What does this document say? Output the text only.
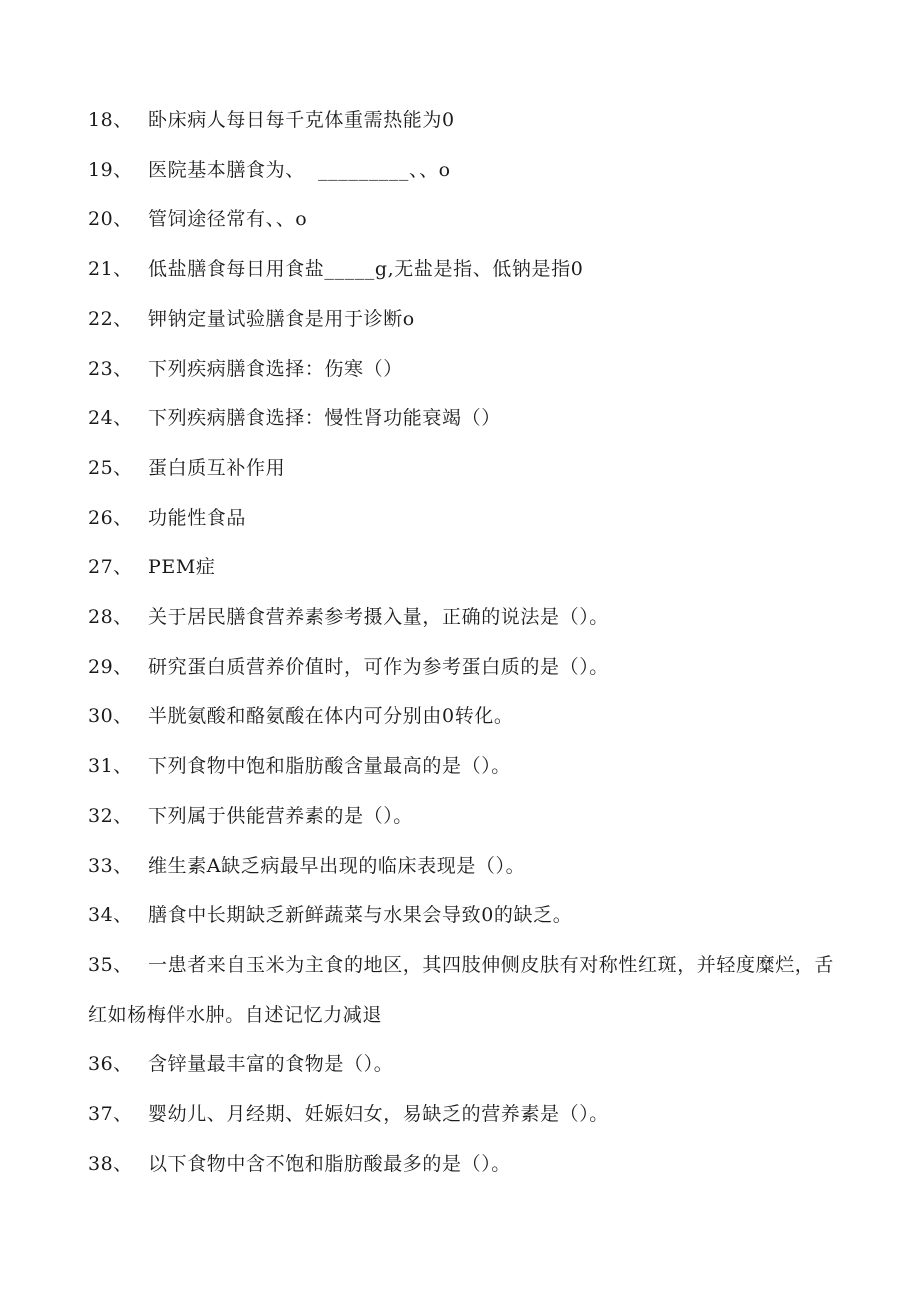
18、 卧床病人每日每千克体重需热能为0
19、 医院基本膳食为、  _________、、o
20、 管饲途径常有、、o
21、 低盐膳食每日用食盐_____g,无盐是指、低钠是指0
22、 钾钠定量试验膳食是用于诊断o
23、 下列疾病膳食选择：伤寒（）
24、 下列疾病膳食选择：慢性肾功能衰竭（）
25、 蛋白质互补作用
26、 功能性食品
27、 PEM症
28、 关于居民膳食营养素参考摄入量，正确的说法是（）。
29、 研究蛋白质营养价值时，可作为参考蛋白质的是（）。
30、 半胱氨酸和酪氨酸在体内可分别由0转化。
31、 下列食物中饱和脂肪酸含量最高的是（）。
32、 下列属于供能营养素的是（）。
33、 维生素A缺乏病最早出现的临床表现是（）。
34、 膳食中长期缺乏新鲜蔬菜与水果会导致0的缺乏。
35、 一患者来自玉米为主食的地区，其四肢伸侧皮肤有对称性红斑，并轻度糜烂，舌红如杨梅伴水肿。自述记忆力减退
36、 含锌量最丰富的食物是（）。
37、 婴幼儿、月经期、妊娠妇女，易缺乏的营养素是（）。
38、 以下食物中含不饱和脂肪酸最多的是（）。
